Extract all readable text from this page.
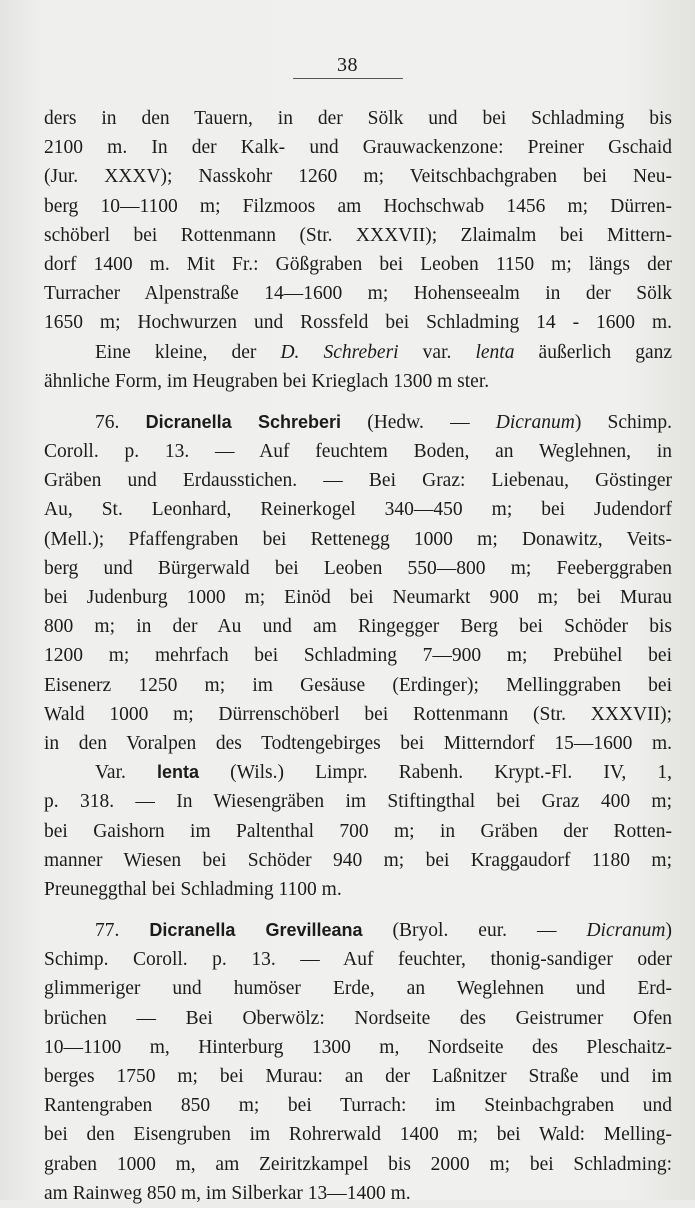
38
ders in den Tauern, in der Sölk und bei Schladming bis
2100 m. In der Kalk- und Grauwackenzone: Preiner Gschaid
(Jur. XXXV); Nasskohr 1260 m; Veitschbachgraben bei Neu-
berg 10—1100 m; Filzmoos am Hochschwab 1456 m; Dürren-
schöberl bei Rottenmann (Str. XXXVII); Zlaimalm bei Mittern-
dorf 1400 m. Mit Fr.: Gößgraben bei Leoben 1150 m; längs der
Turracher Alpenstraße 14—1600 m; Hohenseealm in der Sölk
1650 m; Hochwurzen und Rossfeld bei Schladming 14 - 1600 m.
Eine kleine, der D. Schreberi var. lenta äußerlich ganz
ähnliche Form, im Heugraben bei Krieglach 1300 m ster.
76. Dicranella Schreberi (Hedw. — Dicranum) Schimp.
Coroll. p. 13. — Auf feuchtem Boden, an Weglehnen, in
Gräben und Erdausstichen. — Bei Graz: Liebenau, Göstinger
Au, St. Leonhard, Reinerkogel 340—450 m; bei Judendorf
(Mell.); Pfaffengraben bei Rettenegg 1000 m; Donawitz, Veits-
berg und Bürgerwald bei Leoben 550—800 m; Feeberggraben
bei Judenburg 1000 m; Einöd bei Neumarkt 900 m; bei Murau
800 m; in der Au und am Ringegger Berg bei Schöder bis
1200 m; mehrfach bei Schladming 7—900 m; Prebühel bei
Eisenerz 1250 m; im Gesäuse (Erdinger); Mellinggraben bei
Wald 1000 m; Dürrenschöberl bei Rottenmann (Str. XXXVII);
in den Voralpen des Todtengebirges bei Mitterndorf 15—1600 m.
Var. lenta (Wils.) Limpr. Rabenh. Krypt.-Fl. IV, 1,
p. 318. — In Wiesengräben im Stiftingthal bei Graz 400 m;
bei Gaishorn im Paltenthal 700 m; in Gräben der Rotten-
manner Wiesen bei Schöder 940 m; bei Kraggaudorf 1180 m;
Preuneggthal bei Schladming 1100 m.
77. Dicranella Grevilleana (Bryol. eur. — Dicranum)
Schimp. Coroll. p. 13. — Auf feuchter, thonig-sandiger oder
glimmeriger und humöser Erde, an Weglehnen und Erd-
brüchen — Bei Oberwölz: Nordseite des Geistrumer Ofen
10—1100 m, Hinterburg 1300 m, Nordseite des Pleschaitz-
berges 1750 m; bei Murau: an der Laßnitzer Straße und im
Rantengraben 850 m; bei Turrach: im Steinbachgraben und
bei den Eisengruben im Rohrerwald 1400 m; bei Wald: Melling-
graben 1000 m, am Zeiritzkampel bis 2000 m; bei Schladming:
am Rainweg 850 m, im Silberkar 13—1400 m.
